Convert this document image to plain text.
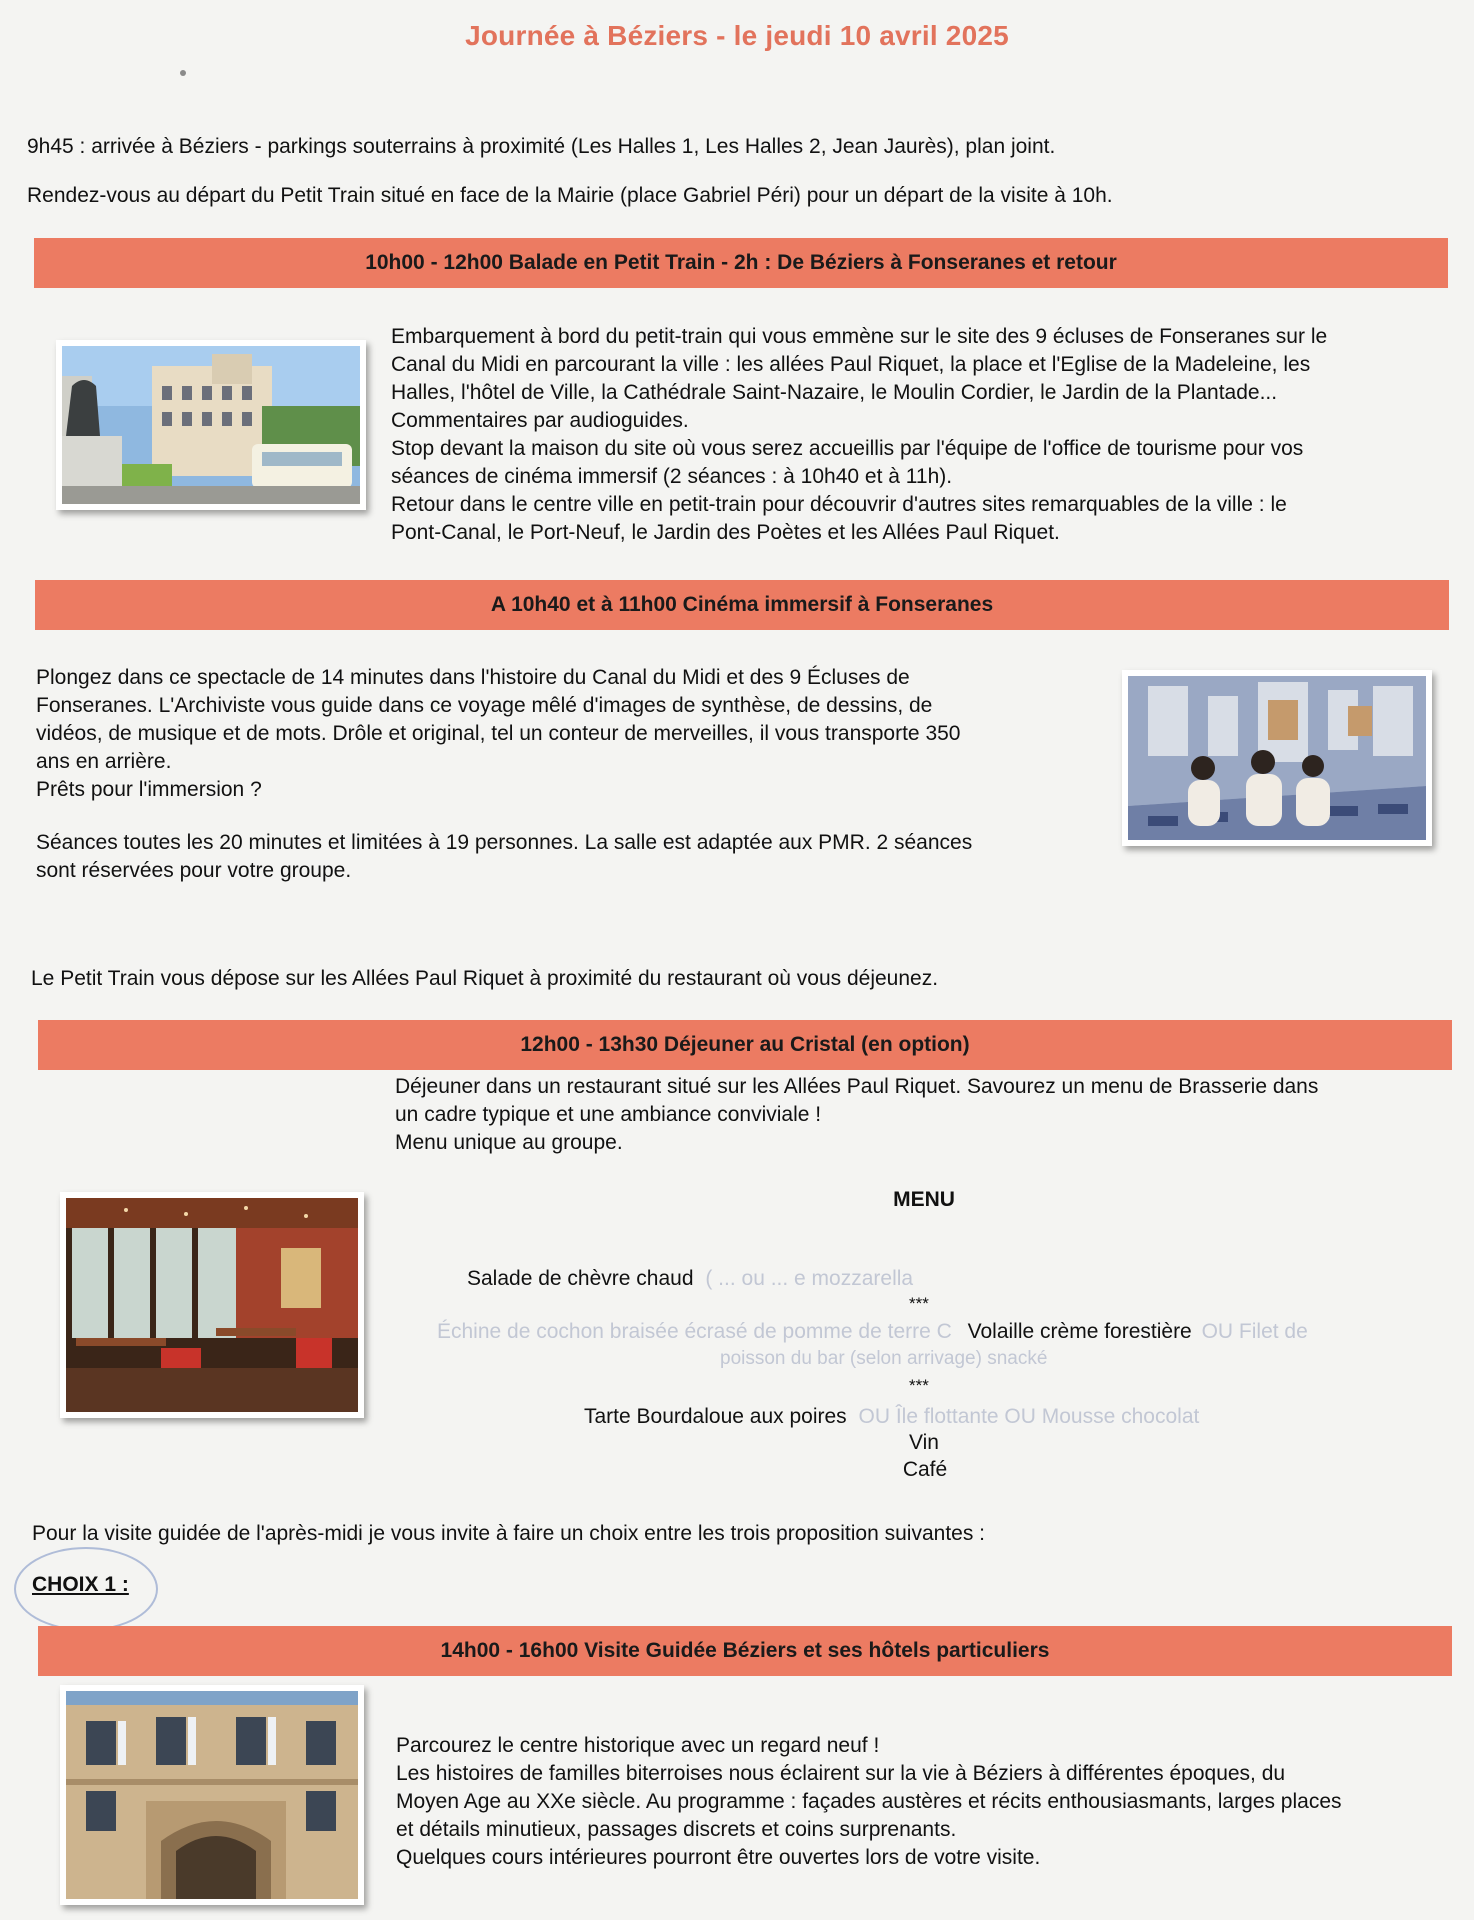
Journée à Béziers - le jeudi 10 avril 2025

9h45 : arrivée à Béziers - parkings souterrains à proximité (Les Halles 1, Les Halles 2, Jean Jaurès), plan joint.

Rendez-vous au départ du Petit Train situé en face de la Mairie (place Gabriel Péri) pour un départ de la visite à 10h.

10h00 - 12h00 Balade en Petit Train - 2h : De Béziers à Fonseranes et retour

Embarquement à bord du petit-train qui vous emmène sur le site des 9 écluses de Fonseranes sur le

Canal du Midi en parcourant la ville : les allées Paul Riquet, la place et l'Eglise de la Madeleine, les

Halles, l'hôtel de Ville, la Cathédrale Saint-Nazaire, le Moulin Cordier, le Jardin de la Plantade...

Commentaires par audioguides.

Stop devant la maison du site où vous serez accueillis par l'équipe de l'office de tourisme pour vos

séances de cinéma immersif (2 séances : à 10h40 et à 11h).

Retour dans le centre ville en petit-train pour découvrir d'autres sites remarquables de la ville : le

Pont-Canal, le Port-Neuf, le Jardin des Poètes et les Allées Paul Riquet.

A 10h40 et à 11h00 Cinéma immersif à Fonseranes

Plongez dans ce spectacle de 14 minutes dans l'histoire du Canal du Midi et des 9 Écluses de

Fonseranes. L'Archiviste vous guide dans ce voyage mêlé d'images de synthèse, de dessins, de

vidéos, de musique et de mots. Drôle et original, tel un conteur de merveilles, il vous transporte 350

ans en arrière.

Prêts pour l'immersion ?

Séances toutes les 20 minutes et limitées à 19 personnes. La salle est adaptée aux PMR. 2 séances

sont réservées pour votre groupe.

Le Petit Train vous dépose sur les Allées Paul Riquet à proximité du restaurant où vous déjeunez.

12h00 - 13h30 Déjeuner au Cristal (en option)

Déjeuner dans un restaurant situé sur les Allées Paul Riquet. Savourez un menu de Brasserie dans

un cadre typique et une ambiance conviviale !

Menu unique au groupe.

MENU
Salade de chèvre chaud ( ... ou ... e mozzarella
***
Échine de cochon braisée écrasé de pomme de terre C Volaille crème forestière OU Filet de
poisson du bar (selon arrivage) snacké
***
Tarte Bourdaloue aux poires OU Île flottante OU Mousse chocolat
Vin
Café

Pour la visite guidée de l'après-midi je vous invite à faire un choix entre les trois proposition suivantes :

CHOIX 1 :
14h00 - 16h00 Visite Guidée Béziers et ses hôtels particuliers

Parcourez le centre historique avec un regard neuf !

Les histoires de familles biterroises nous éclairent sur la vie à Béziers à différentes époques, du

Moyen Age au XXe siècle. Au programme : façades austères et récits enthousiasmants, larges places

et détails minutieux, passages discrets et coins surprenants.

Quelques cours intérieures pourront être ouvertes lors de votre visite.
